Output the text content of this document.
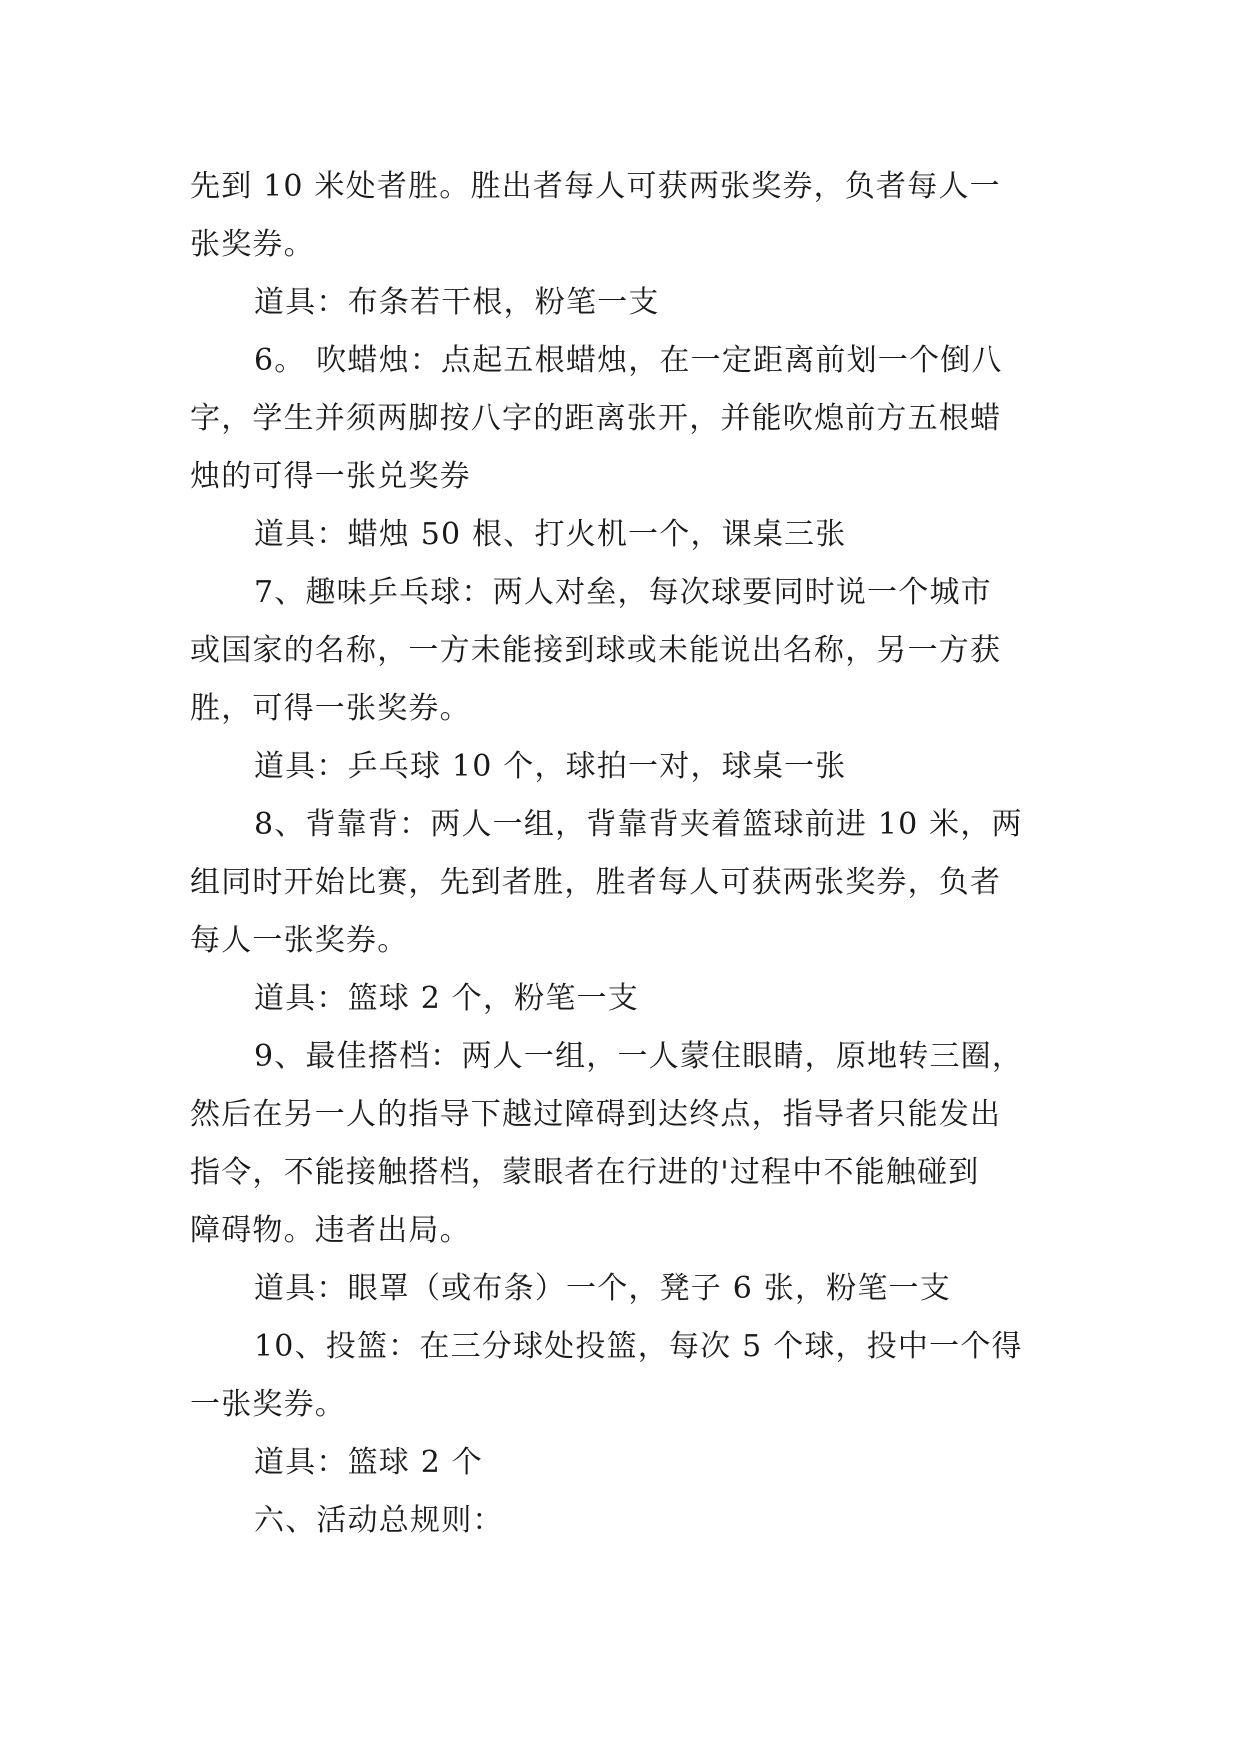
先到 10 米处者胜。胜出者每人可获两张奖券，负者每人一
张奖券。
道具：布条若干根，粉笔一支
6。 吹蜡烛：点起五根蜡烛，在一定距离前划一个倒八
字，学生并须两脚按八字的距离张开，并能吹熄前方五根蜡
烛的可得一张兑奖券
道具：蜡烛 50 根、打火机一个，课桌三张
7、趣味乒乓球：两人对垒，每次球要同时说一个城市
或国家的名称，一方未能接到球或未能说出名称，另一方获
胜，可得一张奖券。
道具：乒乓球 10 个，球拍一对，球桌一张
8、背靠背：两人一组，背靠背夹着篮球前进 10 米，两
组同时开始比赛，先到者胜，胜者每人可获两张奖券，负者
每人一张奖券。
道具：篮球 2 个，粉笔一支
9、最佳搭档：两人一组，一人蒙住眼睛，原地转三圈，
然后在另一人的指导下越过障碍到达终点，指导者只能发出
指令，不能接触搭档，蒙眼者在行进的'过程中不能触碰到
障碍物。违者出局。
道具：眼罩（或布条）一个，凳子 6 张，粉笔一支
10、投篮：在三分球处投篮，每次 5 个球，投中一个得
一张奖券。
道具：篮球 2 个
六、活动总规则：
